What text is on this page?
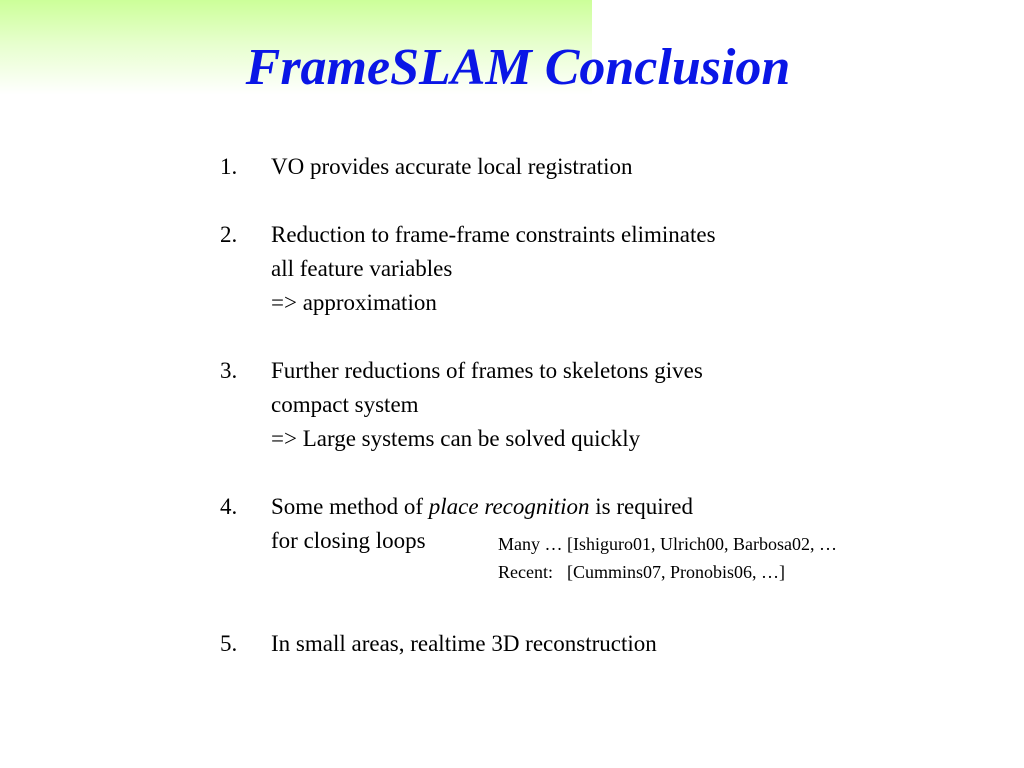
FrameSLAM Conclusion
1.	VO provides accurate local registration
2.	Reduction to frame-frame constraints eliminates
all feature variables
=> approximation
3.	Further reductions of frames to skeletons gives
compact system
=> Large systems can be solved quickly
4.	Some method of place recognition is required
for closing loops	Many … [Ishiguro01, Ulrich00, Barbosa02, …
Recent: [Cummins07, Pronobis06, …]
5.	In small areas, realtime 3D reconstruction
